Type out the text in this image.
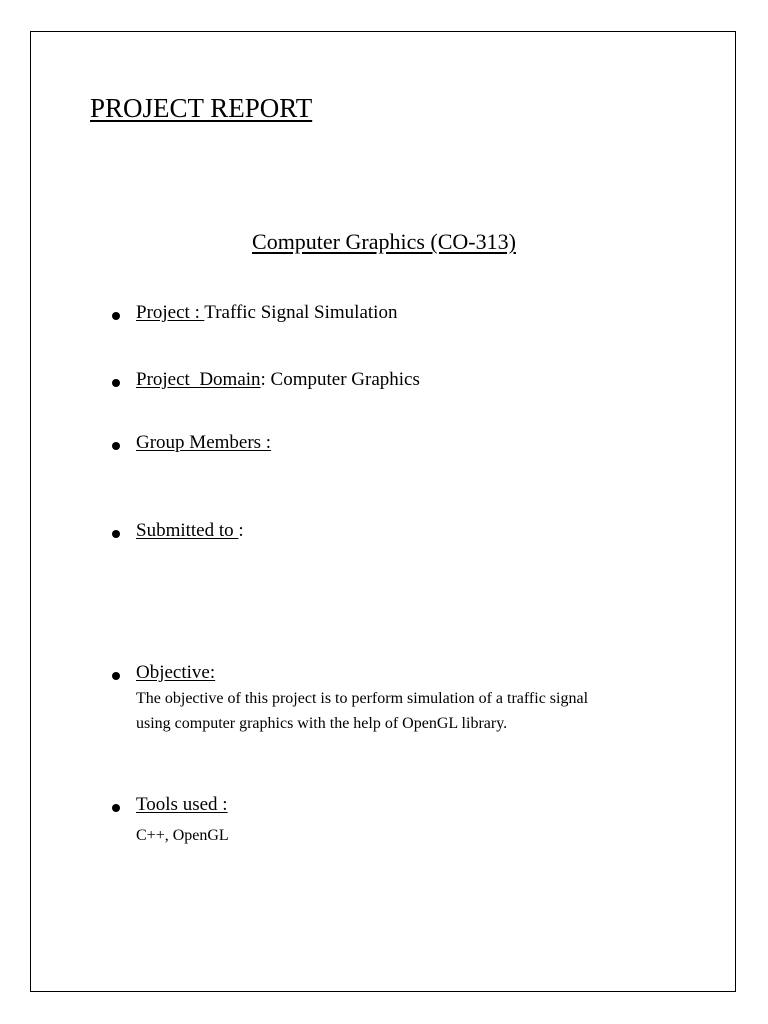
PROJECT REPORT
Computer Graphics (CO-313)
Project : Traffic Signal Simulation
Project  Domain: Computer Graphics
Group Members :
Submitted to :
Objective:
The objective of this project is to perform simulation of a traffic signal
using computer graphics with the help of OpenGL library.
Tools used :
C++, OpenGL
